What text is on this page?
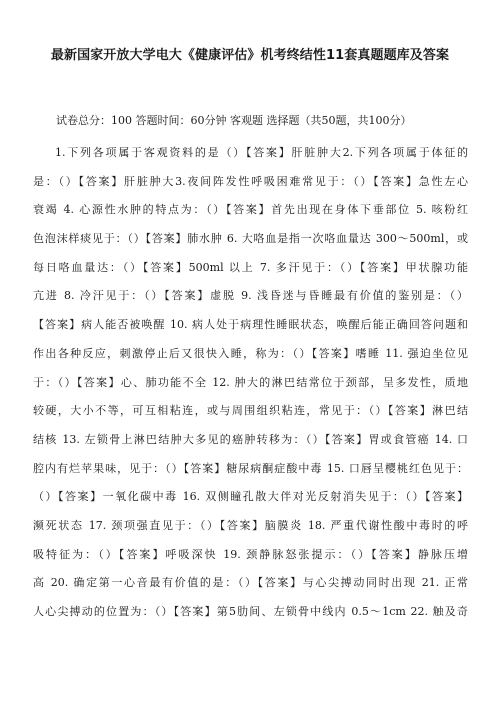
最新国家开放大学电大《健康评估》机考终结性11套真题题库及答案
试卷总分：100 答题时间：60分钟 客观题 选择题（共50题，共100分）
1.下列各项属于客观资料的是（）【答案】肝脏肿大2.下列各项属于体征的
是：（）【答案】肝脏肿大3.夜间阵发性呼吸困难常见于：（）【答案】急性左心
衰竭 4. 心源性水肿的特点为：（）【答案】首先出现在身体下垂部位 5. 咳粉红
色泡沫样痰见于：（）【答案】肺水肿 6. 大咯血是指一次咯血量达 300～500ml，或
每日咯血量达：（）【答案】500ml 以上 7. 多汗见于：（）【答案】甲状腺功能
亢进 8. 冷汗见于：（）【答案】虚脱 9. 浅昏迷与昏睡最有价值的鉴别是：（）
【答案】病人能否被唤醒 10. 病人处于病理性睡眠状态，唤醒后能正确回答问题和
作出各种反应，刺激停止后又很快入睡，称为：（）【答案】嗜睡 11. 强迫坐位见
于：（）【答案】心、肺功能不全 12. 肿大的淋巴结常位于颈部，呈多发性，质地
较硬，大小不等，可互相粘连，或与周围组织粘连，常见于：（）【答案】淋巴结
结核 13. 左锁骨上淋巴结肿大多见的癌肿转移为：（）【答案】胃或食管癌 14. 口
腔内有烂苹果味，见于：（）【答案】糖尿病酮症酸中毒 15. 口唇呈樱桃红色见于：
（）【答案】一氧化碳中毒 16. 双侧瞳孔散大伴对光反射消失见于：（）【答案】
濒死状态 17. 颈项强直见于：（）【答案】脑膜炎 18. 严重代谢性酸中毒时的呼
吸特征为：（）【答案】呼吸深快 19. 颈静脉怒张提示：（）【答案】静脉压增
高 20. 确定第一心音最有价值的是：（）【答案】与心尖搏动同时出现 21. 正常
人心尖搏动的位置为：（）【答案】第5肋间、左锁骨中线内 0.5～1cm 22. 触及奇
